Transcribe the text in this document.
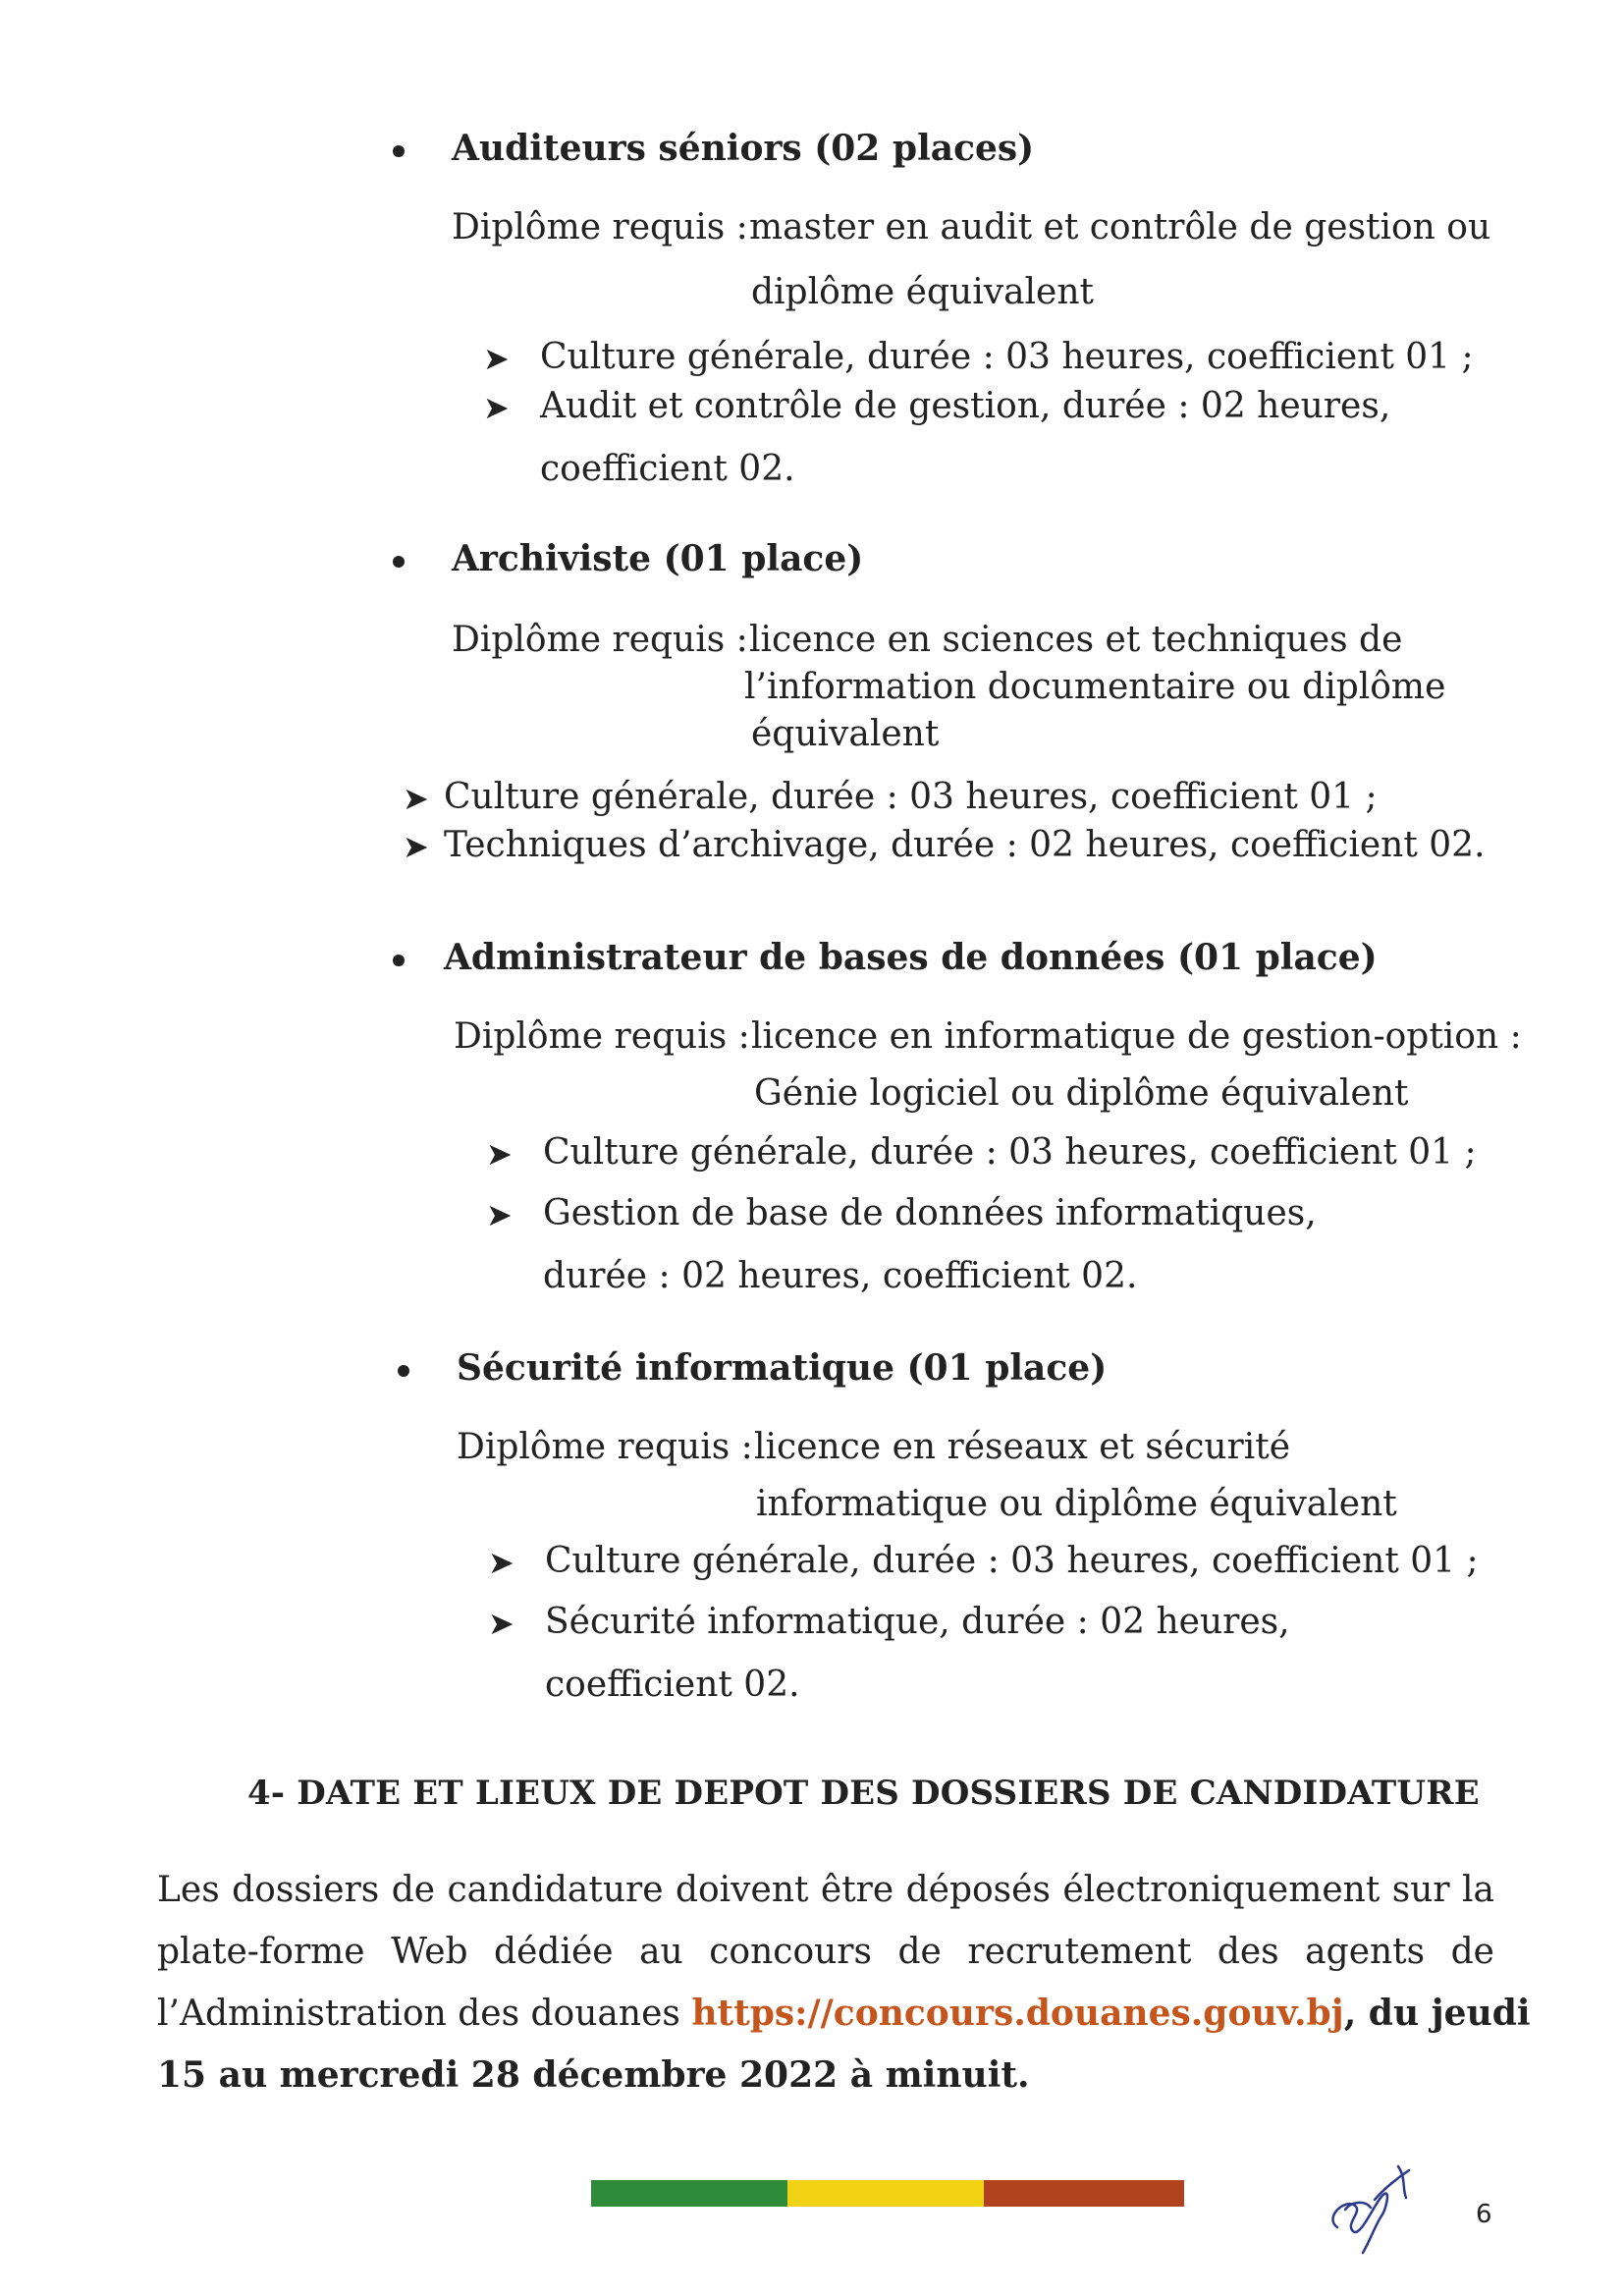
Auditeurs séniors (02 places)
Diplôme requis : master en audit et contrôle de gestion ou
diplôme équivalent
➤ Culture générale, durée : 03 heures, coefficient 01 ;
➤ Audit et contrôle de gestion, durée : 02 heures,
coefficient 02.
Archiviste (01 place)
Diplôme requis : licence en sciences et techniques de
l’information documentaire ou diplôme
équivalent
➤ Culture générale, durée : 03 heures, coefficient 01 ;
➤ Techniques d’archivage, durée : 02 heures, coefficient 02.
Administrateur de bases de données (01 place)
Diplôme requis : licence en informatique de gestion-option :
Génie logiciel ou diplôme équivalent
➤ Culture générale, durée : 03 heures, coefficient 01 ;
➤ Gestion de base de données informatiques,
durée : 02 heures, coefficient 02.
Sécurité informatique (01 place)
Diplôme requis : licence en réseaux et sécurité
informatique ou diplôme équivalent
➤ Culture générale, durée : 03 heures, coefficient 01 ;
➤ Sécurité informatique, durée : 02 heures,
coefficient 02.
4- DATE ET LIEUX DE DEPOT DES DOSSIERS DE CANDIDATURE
Les dossiers de candidature doivent être déposés électroniquement sur la
plate-forme Web dédiée au concours de recrutement des agents de
l’Administration des douanes https://concours.douanes.gouv.bj, du jeudi
15 au mercredi 28 décembre 2022 à minuit.
6
